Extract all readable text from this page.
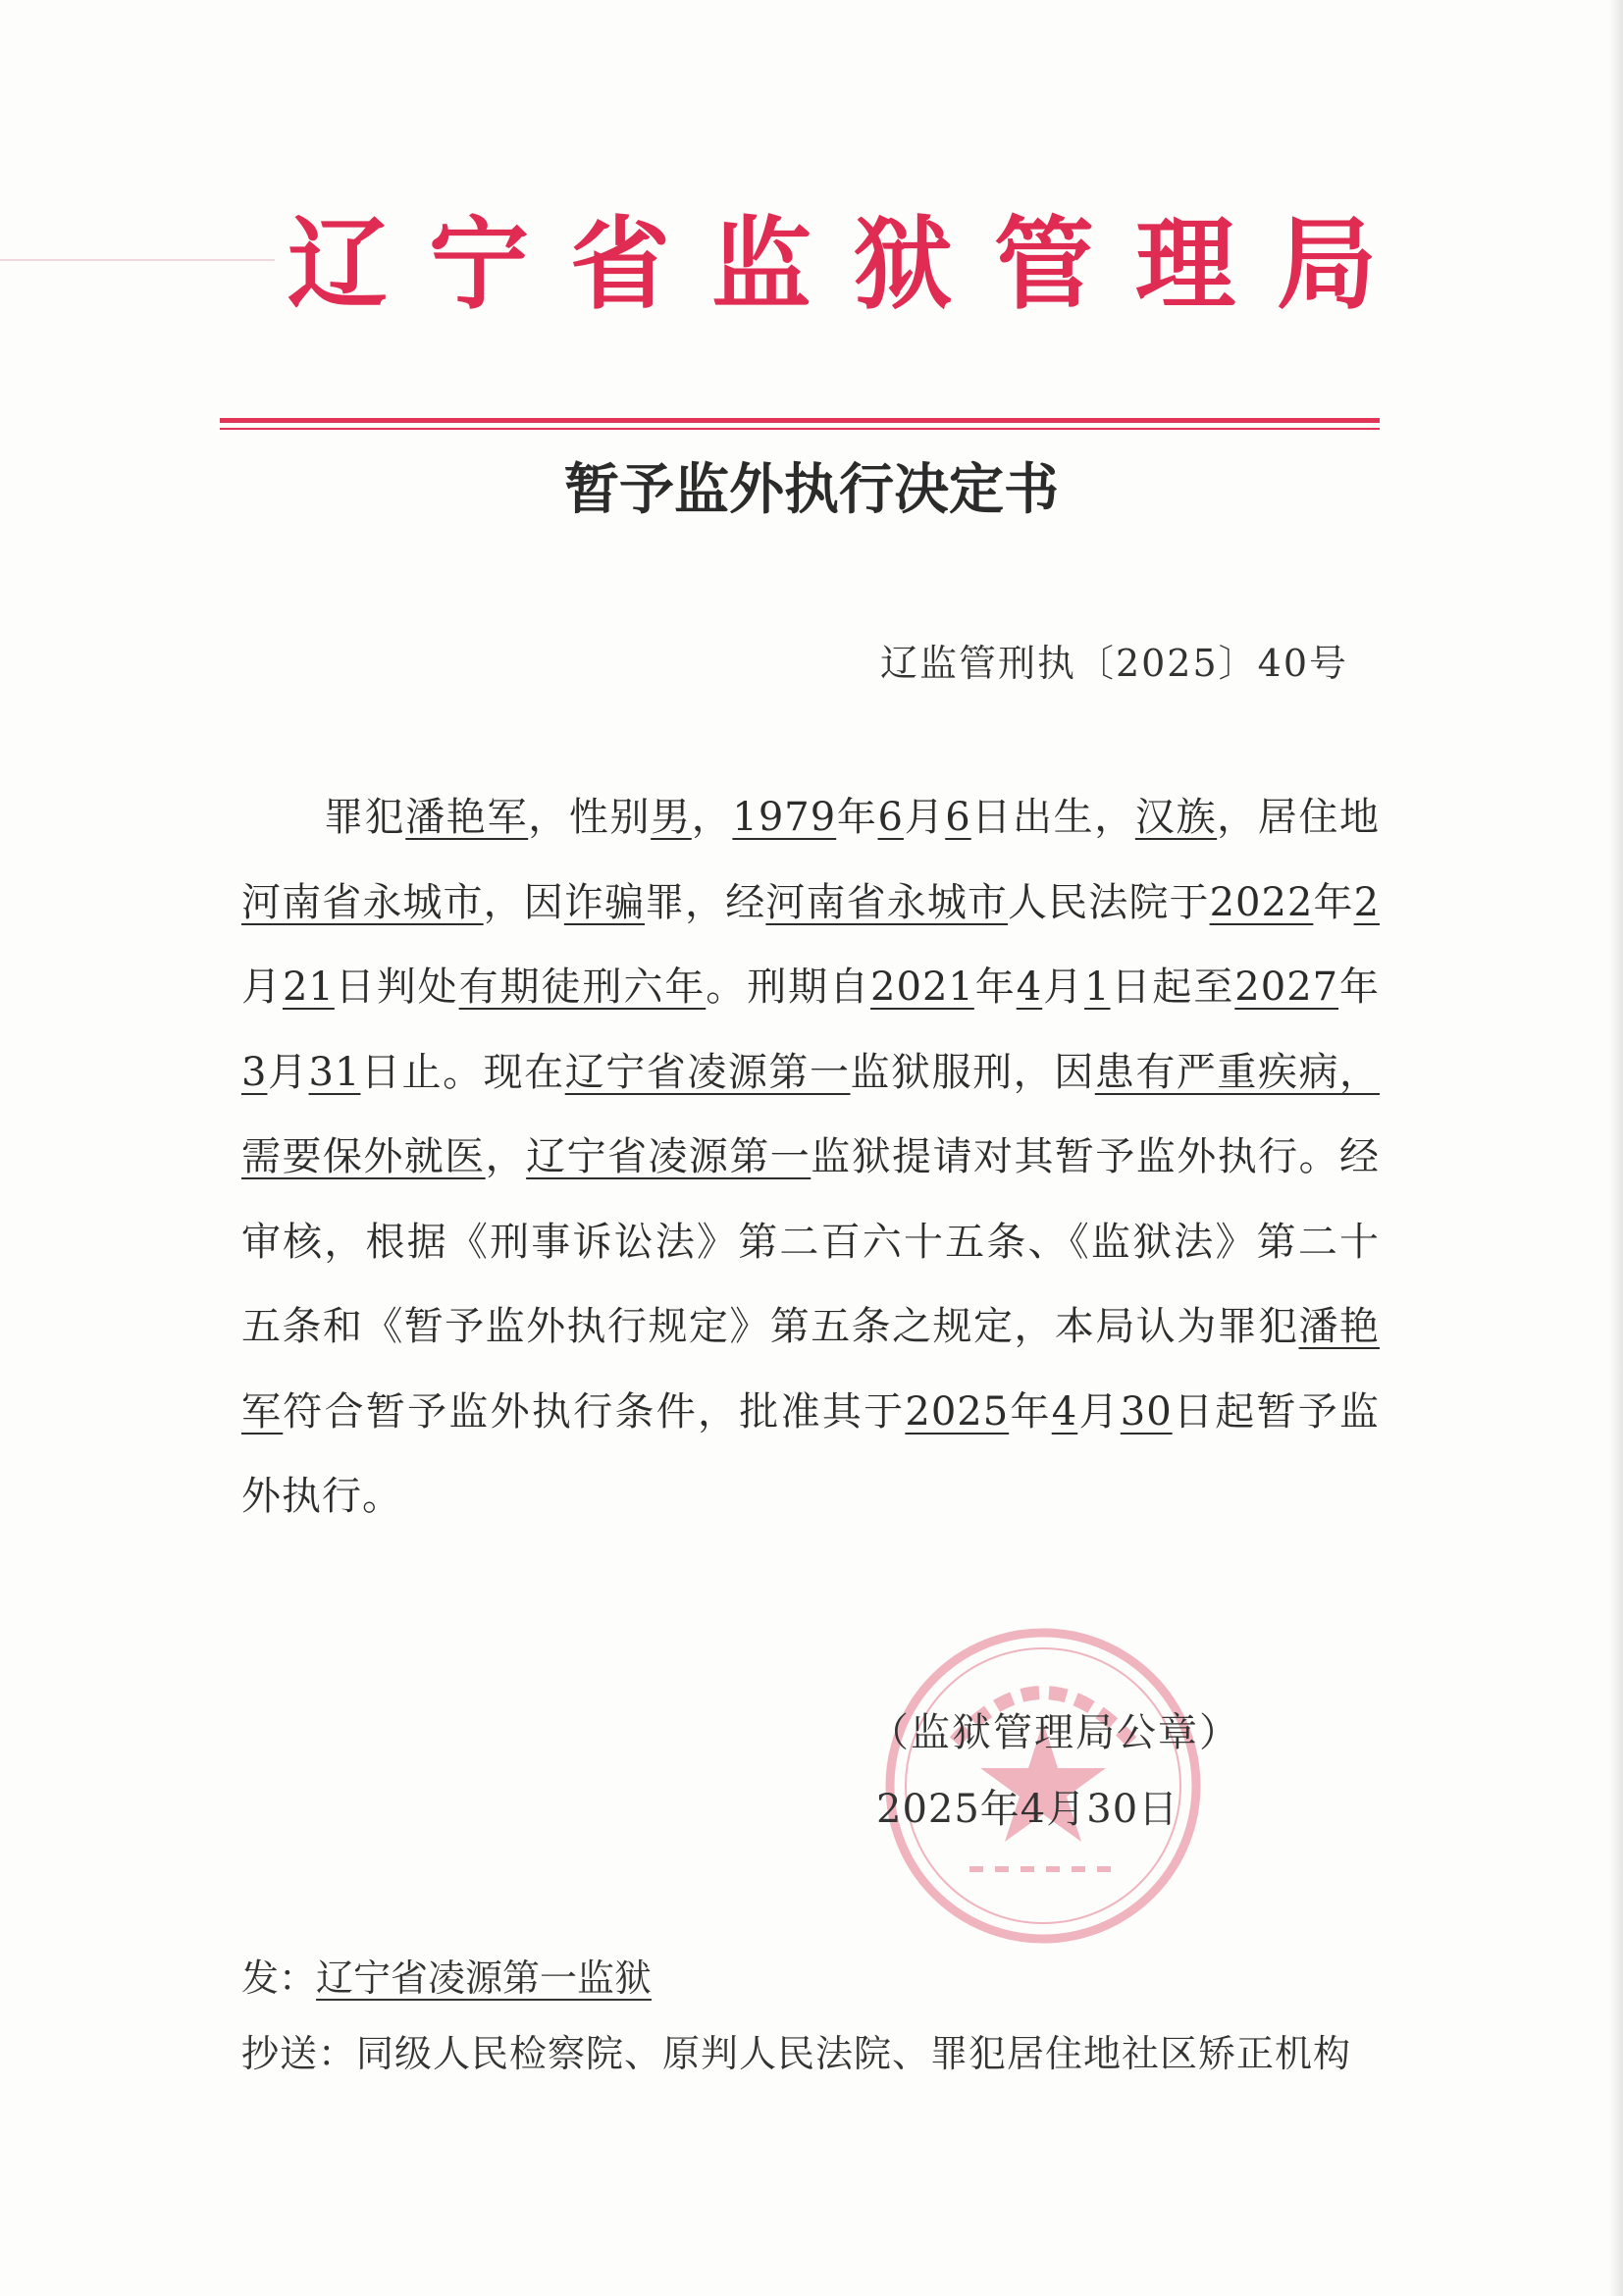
辽宁省监狱管理局
暂予监外执行决定书
辽监管刑执〔2025〕40号

罪犯潘艳军，性别男，1979年6月6日出生，汉族，居住地河南省永城市，因诈骗罪，经河南省永城市人民法院于2022年2月21日判处有期徒刑六年。刑期自2021年4月1日起至2027年3月31日止。现在辽宁省凌源第一监狱服刑，因患有严重疾病，需要保外就医，辽宁省凌源第一监狱提请对其暂予监外执行。经审核，根据《刑事诉讼法》第二百六十五条、《监狱法》第二十五条和《暂予监外执行规定》第五条之规定，本局认为罪犯潘艳军符合暂予监外执行条件，批准其于2025年4月30日起暂予监外执行。

（监狱管理局公章）
2025年4月30日
发：辽宁省凌源第一监狱
抄送：同级人民检察院、原判人民法院、罪犯居住地社区矫正机构
